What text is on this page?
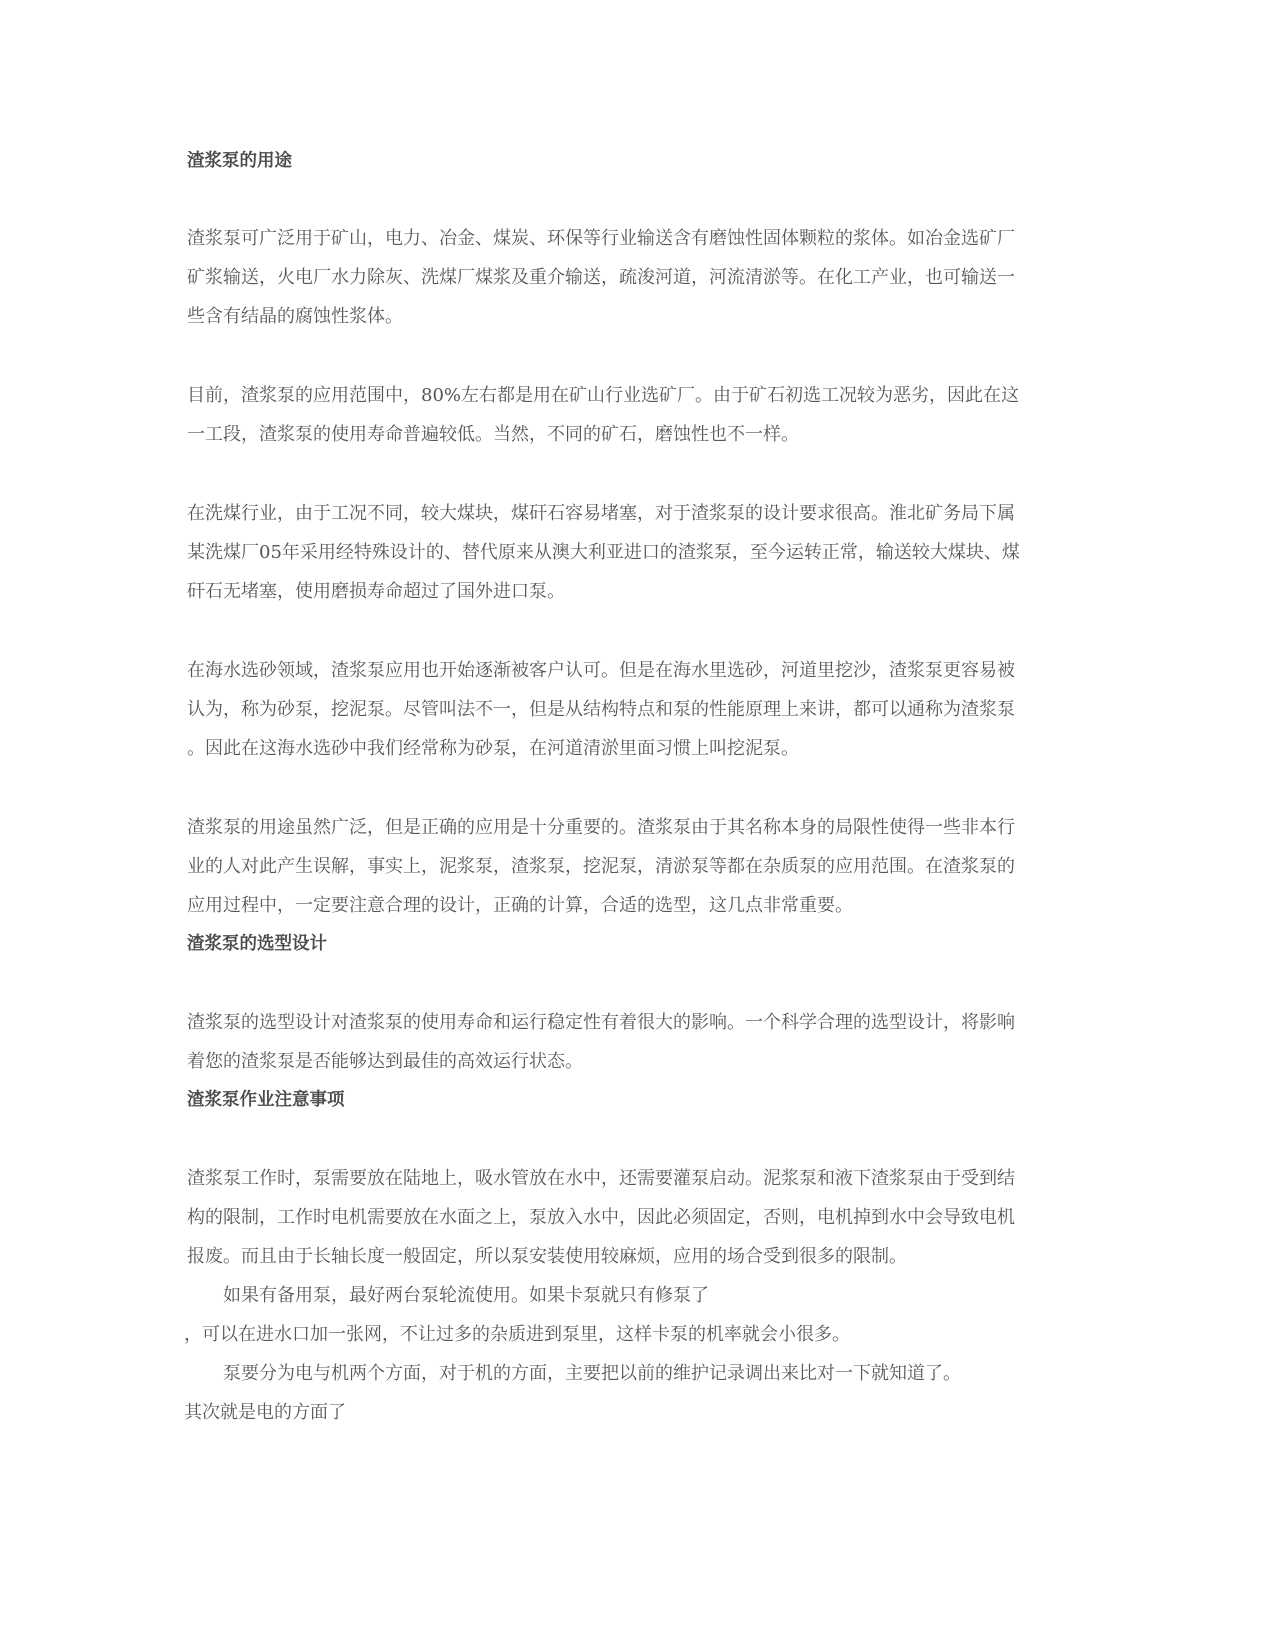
渣浆泵的用途
渣浆泵可广泛用于矿山，电力、冶金、煤炭、环保等行业输送含有磨蚀性固体颗粒的浆体。如冶金选矿厂
矿浆输送，火电厂水力除灰、洗煤厂煤浆及重介输送，疏浚河道，河流清淤等。在化工产业，也可输送一
些含有结晶的腐蚀性浆体。
目前，渣浆泵的应用范围中，80%左右都是用在矿山行业选矿厂。由于矿石初选工况较为恶劣，因此在这
一工段，渣浆泵的使用寿命普遍较低。当然，不同的矿石，磨蚀性也不一样。
在洗煤行业，由于工况不同，较大煤块，煤矸石容易堵塞，对于渣浆泵的设计要求很高。淮北矿务局下属
某洗煤厂05年采用经特殊设计的、替代原来从澳大利亚进口的渣浆泵，至今运转正常，输送较大煤块、煤
矸石无堵塞，使用磨损寿命超过了国外进口泵。
在海水选砂领域，渣浆泵应用也开始逐渐被客户认可。但是在海水里选砂，河道里挖沙，渣浆泵更容易被
认为，称为砂泵，挖泥泵。尽管叫法不一，但是从结构特点和泵的性能原理上来讲，都可以通称为渣浆泵
。因此在这海水选砂中我们经常称为砂泵，在河道清淤里面习惯上叫挖泥泵。
渣浆泵的用途虽然广泛，但是正确的应用是十分重要的。渣浆泵由于其名称本身的局限性使得一些非本行
业的人对此产生误解，事实上，泥浆泵，渣浆泵，挖泥泵，清淤泵等都在杂质泵的应用范围。在渣浆泵的
应用过程中，一定要注意合理的设计，正确的计算，合适的选型，这几点非常重要。
渣浆泵的选型设计
渣浆泵的选型设计对渣浆泵的使用寿命和运行稳定性有着很大的影响。一个科学合理的选型设计，将影响
着您的渣浆泵是否能够达到最佳的高效运行状态。
渣浆泵作业注意事项
渣浆泵工作时，泵需要放在陆地上，吸水管放在水中，还需要灌泵启动。泥浆泵和液下渣浆泵由于受到结
构的限制，工作时电机需要放在水面之上，泵放入水中，因此必须固定，否则，电机掉到水中会导致电机
报废。而且由于长轴长度一般固定，所以泵安装使用较麻烦，应用的场合受到很多的限制。
如果有备用泵，最好两台泵轮流使用。如果卡泵就只有修泵了
，可以在进水口加一张网，不让过多的杂质进到泵里，这样卡泵的机率就会小很多。
泵要分为电与机两个方面，对于机的方面，主要把以前的维护记录调出来比对一下就知道了。
其次就是电的方面了
